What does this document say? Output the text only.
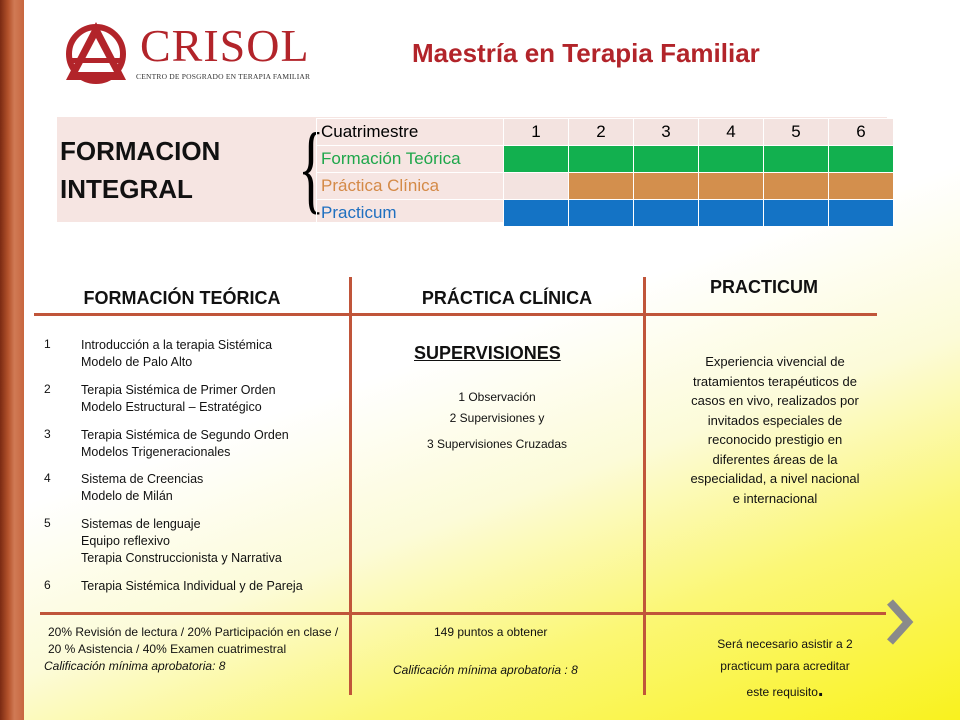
CRISOL
CENTRO DE POSGRADO EN TERAPIA FAMILIAR
Maestría en Terapia Familiar
FORMACION
INTEGRAL {
Cuatrimestre	1	2	3	4	5	6
Formación Teórica						
Práctica Clínica						
Practicum						
FORMACIÓN TEÓRICA	PRÁCTICA CLÍNICA
PRACTICUM
1 Introducción a la terapia Sistémica
Modelo de Palo Alto
2 Terapia Sistémica de Primer Orden
Modelo Estructural – Estratégico
3 Terapia Sistémica de Segundo Orden
Modelos Trigeneracionales
4 Sistema de Creencias
Modelo de Milán
5 Sistemas de lenguaje
Equipo reflexivo
Terapia Construccionista y Narrativa
6 Terapia Sistémica Individual y de Pareja
SUPERVISIONES
1 Observación
2 Supervisiones y
3 Supervisiones Cruzadas
Experiencia vivencial de tratamientos terapéuticos de casos en vivo, realizados por invitados especiales de reconocido prestigio en diferentes áreas de la especialidad, a nivel nacional e internacional
20% Revisión de lectura / 20% Participación en clase / 20 % Asistencia / 40% Examen cuatrimestral
Calificación mínima aprobatoria: 8
149 puntos a obtener
Calificación mínima aprobatoria : 8
Será necesario asistir a 2
practicum para acreditar
este requisito.
